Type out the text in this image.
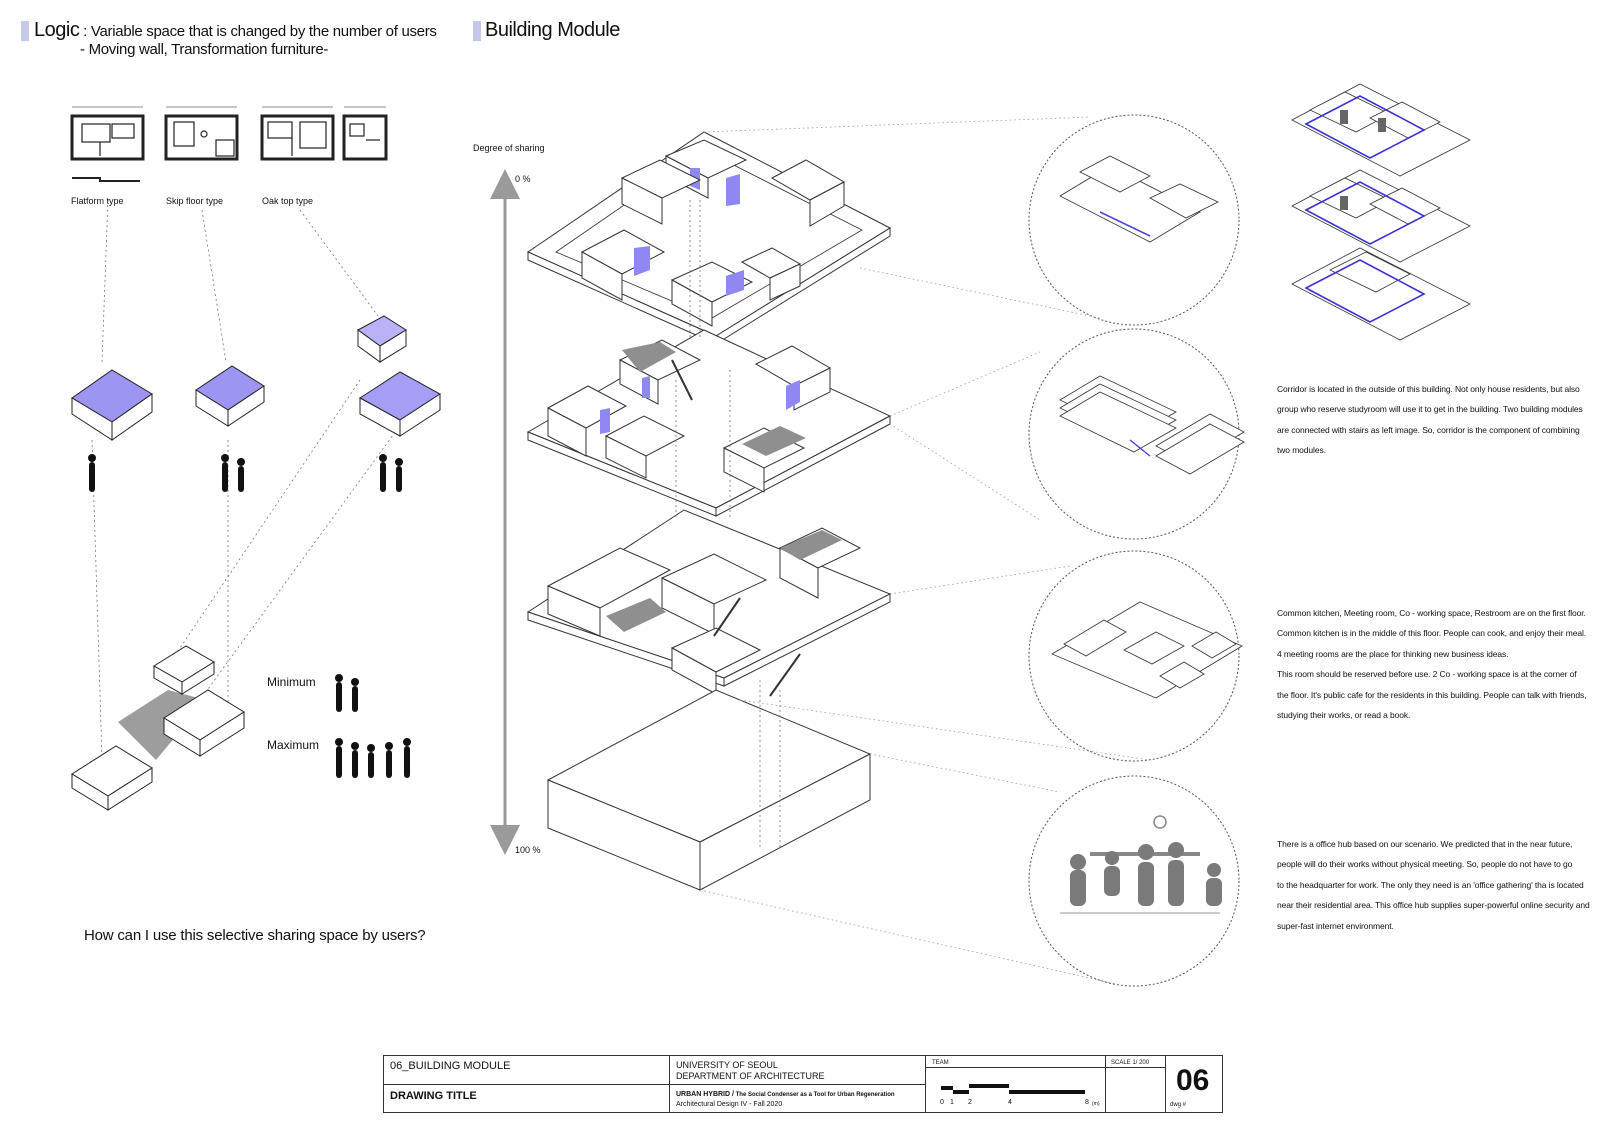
Logic : Variable space that is changed by the number of users
- Moving wall, Transformation furniture-
Building Module
Flatform type	Skip floor type	Oak top type
Minimum
Maximum
How can I use this selective sharing space by users?
Degree of sharing
0 %
100 %
Corridor is located in the outside of this building. Not only house residents, but also
group who reserve studyroom will use it to get in the building. Two building modules
are connected with stairs as left image. So, corridor is the component of combining
two modules.
Common kitchen, Meeting room, Co - working space, Restroom are on the first floor.
Common kitchen is in the middle of this floor. People can cook, and enjoy their meal.
4 meeting rooms are the place for thinking new business ideas.
This room should be reserved before use. 2 Co - working space is at the corner of
the floor. It's public cafe for the residents in this building. People can talk with friends,
studying their works, or read a book.
There is a office hub based on our scenario. We predicted that in the near future,
people will do their works without physical meeting. So, people do not have to go
to the headquarter for work. The only they need is an 'office gathering' tha is located
near their residential area. This office hub supplies super-powerful online security and
super-fast internet environment.
06_BUILDING MODULE
DRAWING TITLE
UNIVERSITY OF SEOUL
DEPARTMENT OF ARCHITECTURE
URBAN HYBRID / The Social Condenser as a Tool for Urban Regeneration
Architectural Design IV - Fall 2020
TEAM
0 1 2	4	8 (m)
SCALE 1/ 200
06
dwg #
